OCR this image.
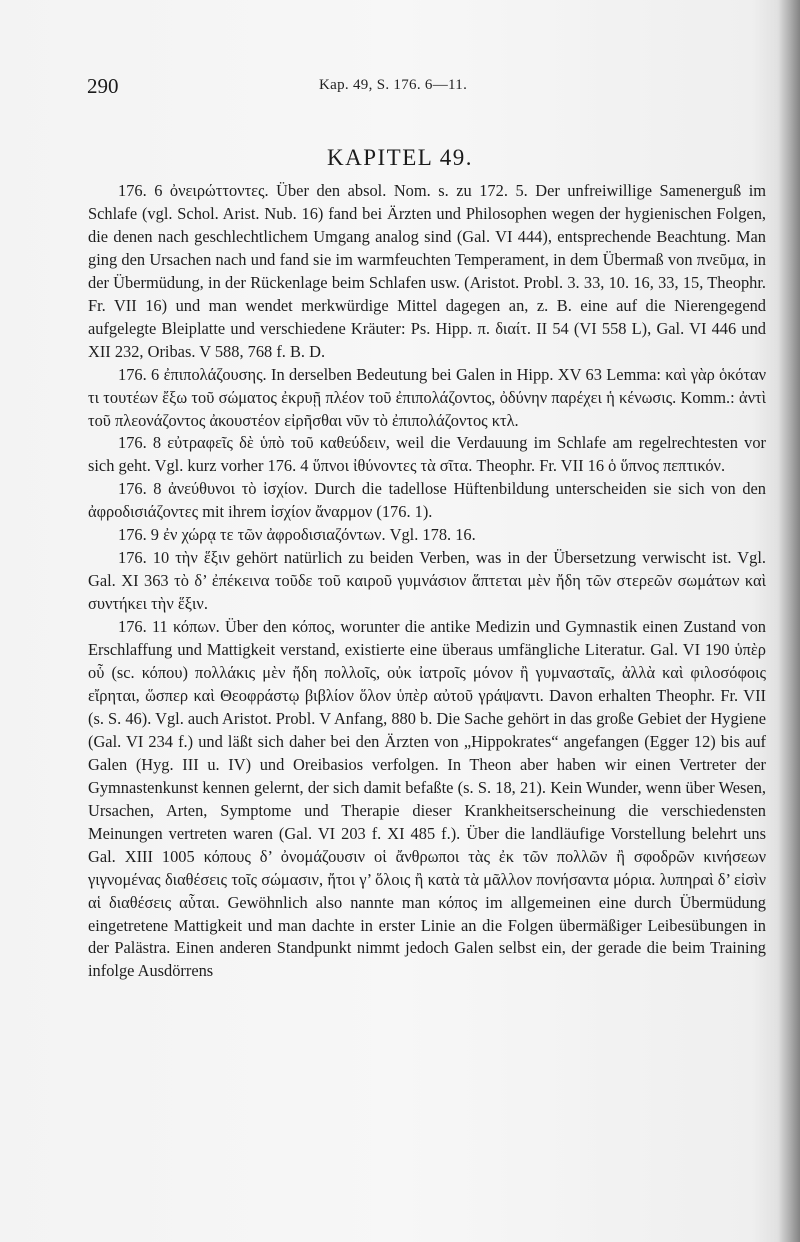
290	Kap. 49, S. 176. 6—11.
KAPITEL 49.

176. 6 ὀνειρώττοντες. Über den absol. Nom. s. zu 172. 5. Der unfreiwillige Samenerguß im Schlafe (vgl. Schol. Arist. Nub. 16) fand bei Ärzten und Philosophen wegen der hygienischen Folgen, die denen nach geschlechtlichem Umgang analog sind (Gal. VI 444), entsprechende Beachtung. Man ging den Ursachen nach und fand sie im warmfeuchten Temperament, in dem Übermaß von πνεῦμα, in der Übermüdung, in der Rückenlage beim Schlafen usw. (Aristot. Probl. 3. 33, 10. 16, 33, 15, Theophr. Fr. VII 16) und man wendet merkwürdige Mittel dagegen an, z. B. eine auf die Nierengegend aufgelegte Bleiplatte und verschiedene Kräuter: Ps. Hipp. π. διαίτ. II 54 (VI 558 L), Gal. VI 446 und XII 232, Oribas. V 588, 768 f. B. D.

176. 6 ἐπιπολάζουσης. In derselben Bedeutung bei Galen in Hipp. XV 63 Lemma: καὶ γὰρ ὁκόταν τι τουτέων ἔξω τοῦ σώματος ἐκρυῇ πλέον τοῦ ἐπιπολάζοντος, ὀδύνην παρέχει ἡ κένωσις. Komm.: ἀντὶ τοῦ πλεονάζοντος ἀκουστέον εἰρῆσθαι νῦν τὸ ἐπιπολάζοντος κτλ.

176. 8 εὐτραφεῖς δὲ ὑπὸ τοῦ καθεύδειν, weil die Verdauung im Schlafe am regelrechtesten vor sich geht. Vgl. kurz vorher 176. 4 ὕπνοι ἰθύνοντες τὰ σῖτα. Theophr. Fr. VII 16 ὁ ὕπνος πεπτικόν.

176. 8 ἀνεύθυνοι τὸ ἰσχίον. Durch die tadellose Hüftenbildung unterscheiden sie sich von den ἀφροδισιάζοντες mit ihrem ἰσχίον ἄναρμον (176. 1).

176. 9 ἐν χώρᾳ τε τῶν ἀφροδισιαζόντων. Vgl. 178. 16.

176. 10 τὴν ἕξιν gehört natürlich zu beiden Verben, was in der Übersetzung verwischt ist. Vgl. Gal. XI 363 τὸ δ’ ἐπέκεινα τοῦδε τοῦ καιροῦ γυμνάσιον ἅπτεται μὲν ἤδη τῶν στερεῶν σωμάτων καὶ συντήκει τὴν ἕξιν.

176. 11 κόπων. Über den κόπος, worunter die antike Medizin und Gymnastik einen Zustand von Erschlaffung und Mattigkeit verstand, existierte eine überaus umfängliche Literatur. Gal. VI 190 ὑπὲρ οὗ (sc. κόπου) πολλάκις μὲν ἤδη πολλοῖς, οὐκ ἰατροῖς μόνον ἢ γυμνασταῖς, ἀλλὰ καὶ φιλοσόφοις εἴρηται, ὥσπερ καὶ Θεοφράστῳ βιβλίον ὅλον ὑπὲρ αὐτοῦ γράψαντι. Davon erhalten Theophr. Fr. VII (s. S. 46). Vgl. auch Aristot. Probl. V Anfang, 880 b. Die Sache gehört in das große Gebiet der Hygiene (Gal. VI 234 f.) und läßt sich daher bei den Ärzten von „Hippokrates“ angefangen (Egger 12) bis auf Galen (Hyg. III u. IV) und Oreibasios verfolgen. In Theon aber haben wir einen Vertreter der Gymnastenkunst kennen gelernt, der sich damit befaßte (s. S. 18, 21). Kein Wunder, wenn über Wesen, Ursachen, Arten, Symptome und Therapie dieser Krankheitserscheinung die verschiedensten Meinungen vertreten waren (Gal. VI 203 f. XI 485 f.). Über die landläufige Vorstellung belehrt uns Gal. XIII 1005 κόπους δ’ ὀνομάζουσιν οἱ ἄνθρωποι τὰς ἐκ τῶν πολλῶν ἢ σφοδρῶν κινήσεων γιγνομένας διαθέσεις τοῖς σώμασιν, ἤτοι γ’ ὅλοις ἢ κατὰ τὰ μᾶλλον πονήσαντα μόρια. λυπηραὶ δ’ εἰσὶν αἱ διαθέσεις αὗται. Gewöhnlich also nannte man κόπος im allgemeinen eine durch Übermüdung eingetretene Mattigkeit und man dachte in erster Linie an die Folgen übermäßiger Leibesübungen in der Palästra. Einen anderen Standpunkt nimmt jedoch Galen selbst ein, der gerade die beim Training infolge Ausdörrens
